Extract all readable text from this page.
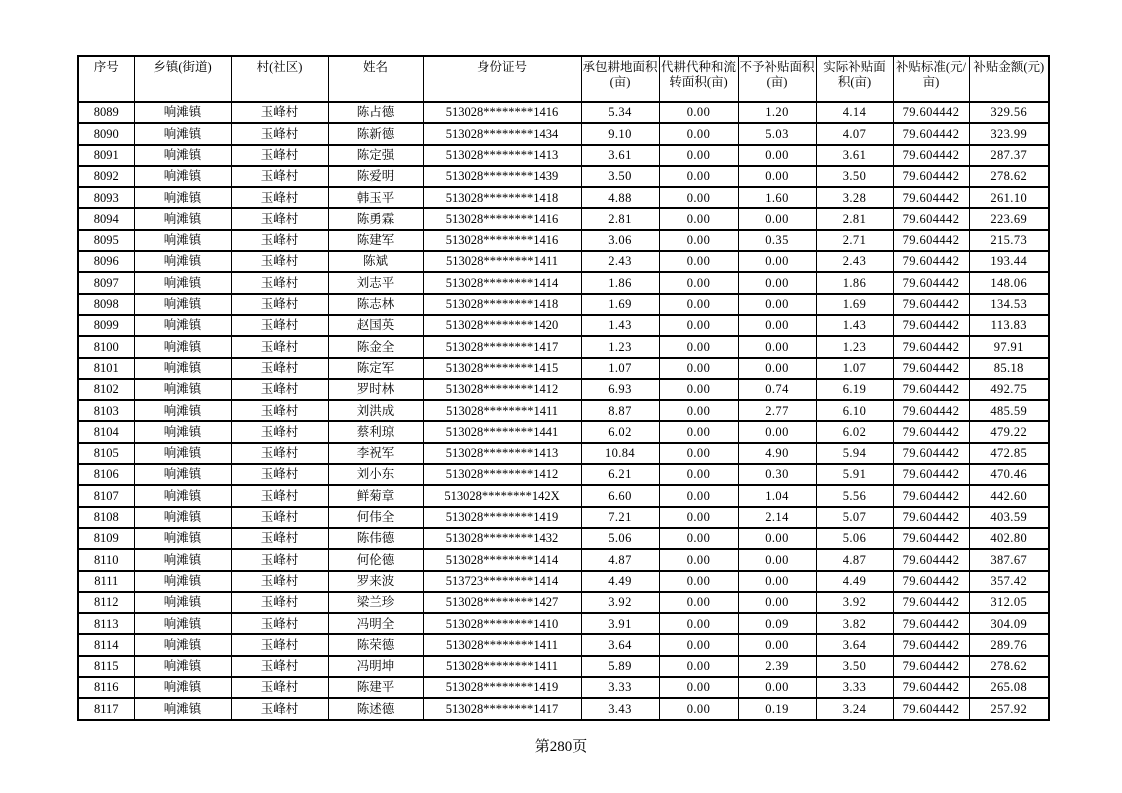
序号	乡镇(街道)	村(社区)	姓名	身份证号	承包耕地面积(亩)	代耕代种和流转面积(亩)	不予补贴面积(亩)	实际补贴面积(亩)	补贴标准(元/亩)	补贴金额(元)
8089	响滩镇	玉峰村	陈占德	513028********1416	5.34	0.00	1.20	4.14	79.604442	329.56
8090	响滩镇	玉峰村	陈新德	513028********1434	9.10	0.00	5.03	4.07	79.604442	323.99
8091	响滩镇	玉峰村	陈定强	513028********1413	3.61	0.00	0.00	3.61	79.604442	287.37
8092	响滩镇	玉峰村	陈爱明	513028********1439	3.50	0.00	0.00	3.50	79.604442	278.62
8093	响滩镇	玉峰村	韩玉平	513028********1418	4.88	0.00	1.60	3.28	79.604442	261.10
8094	响滩镇	玉峰村	陈勇霖	513028********1416	2.81	0.00	0.00	2.81	79.604442	223.69
8095	响滩镇	玉峰村	陈建军	513028********1416	3.06	0.00	0.35	2.71	79.604442	215.73
8096	响滩镇	玉峰村	陈斌	513028********1411	2.43	0.00	0.00	2.43	79.604442	193.44
8097	响滩镇	玉峰村	刘志平	513028********1414	1.86	0.00	0.00	1.86	79.604442	148.06
8098	响滩镇	玉峰村	陈志林	513028********1418	1.69	0.00	0.00	1.69	79.604442	134.53
8099	响滩镇	玉峰村	赵国英	513028********1420	1.43	0.00	0.00	1.43	79.604442	113.83
8100	响滩镇	玉峰村	陈金全	513028********1417	1.23	0.00	0.00	1.23	79.604442	97.91
8101	响滩镇	玉峰村	陈定军	513028********1415	1.07	0.00	0.00	1.07	79.604442	85.18
8102	响滩镇	玉峰村	罗时林	513028********1412	6.93	0.00	0.74	6.19	79.604442	492.75
8103	响滩镇	玉峰村	刘洪成	513028********1411	8.87	0.00	2.77	6.10	79.604442	485.59
8104	响滩镇	玉峰村	蔡利琼	513028********1441	6.02	0.00	0.00	6.02	79.604442	479.22
8105	响滩镇	玉峰村	李祝军	513028********1413	10.84	0.00	4.90	5.94	79.604442	472.85
8106	响滩镇	玉峰村	刘小东	513028********1412	6.21	0.00	0.30	5.91	79.604442	470.46
8107	响滩镇	玉峰村	鲜菊章	513028********142X	6.60	0.00	1.04	5.56	79.604442	442.60
8108	响滩镇	玉峰村	何伟全	513028********1419	7.21	0.00	2.14	5.07	79.604442	403.59
8109	响滩镇	玉峰村	陈伟德	513028********1432	5.06	0.00	0.00	5.06	79.604442	402.80
8110	响滩镇	玉峰村	何伦德	513028********1414	4.87	0.00	0.00	4.87	79.604442	387.67
8111	响滩镇	玉峰村	罗来波	513723********1414	4.49	0.00	0.00	4.49	79.604442	357.42
8112	响滩镇	玉峰村	梁兰珍	513028********1427	3.92	0.00	0.00	3.92	79.604442	312.05
8113	响滩镇	玉峰村	冯明全	513028********1410	3.91	0.00	0.09	3.82	79.604442	304.09
8114	响滩镇	玉峰村	陈荣德	513028********1411	3.64	0.00	0.00	3.64	79.604442	289.76
8115	响滩镇	玉峰村	冯明坤	513028********1411	5.89	0.00	2.39	3.50	79.604442	278.62
8116	响滩镇	玉峰村	陈建平	513028********1419	3.33	0.00	0.00	3.33	79.604442	265.08
8117	响滩镇	玉峰村	陈述德	513028********1417	3.43	0.00	0.19	3.24	79.604442	257.92
第280页
